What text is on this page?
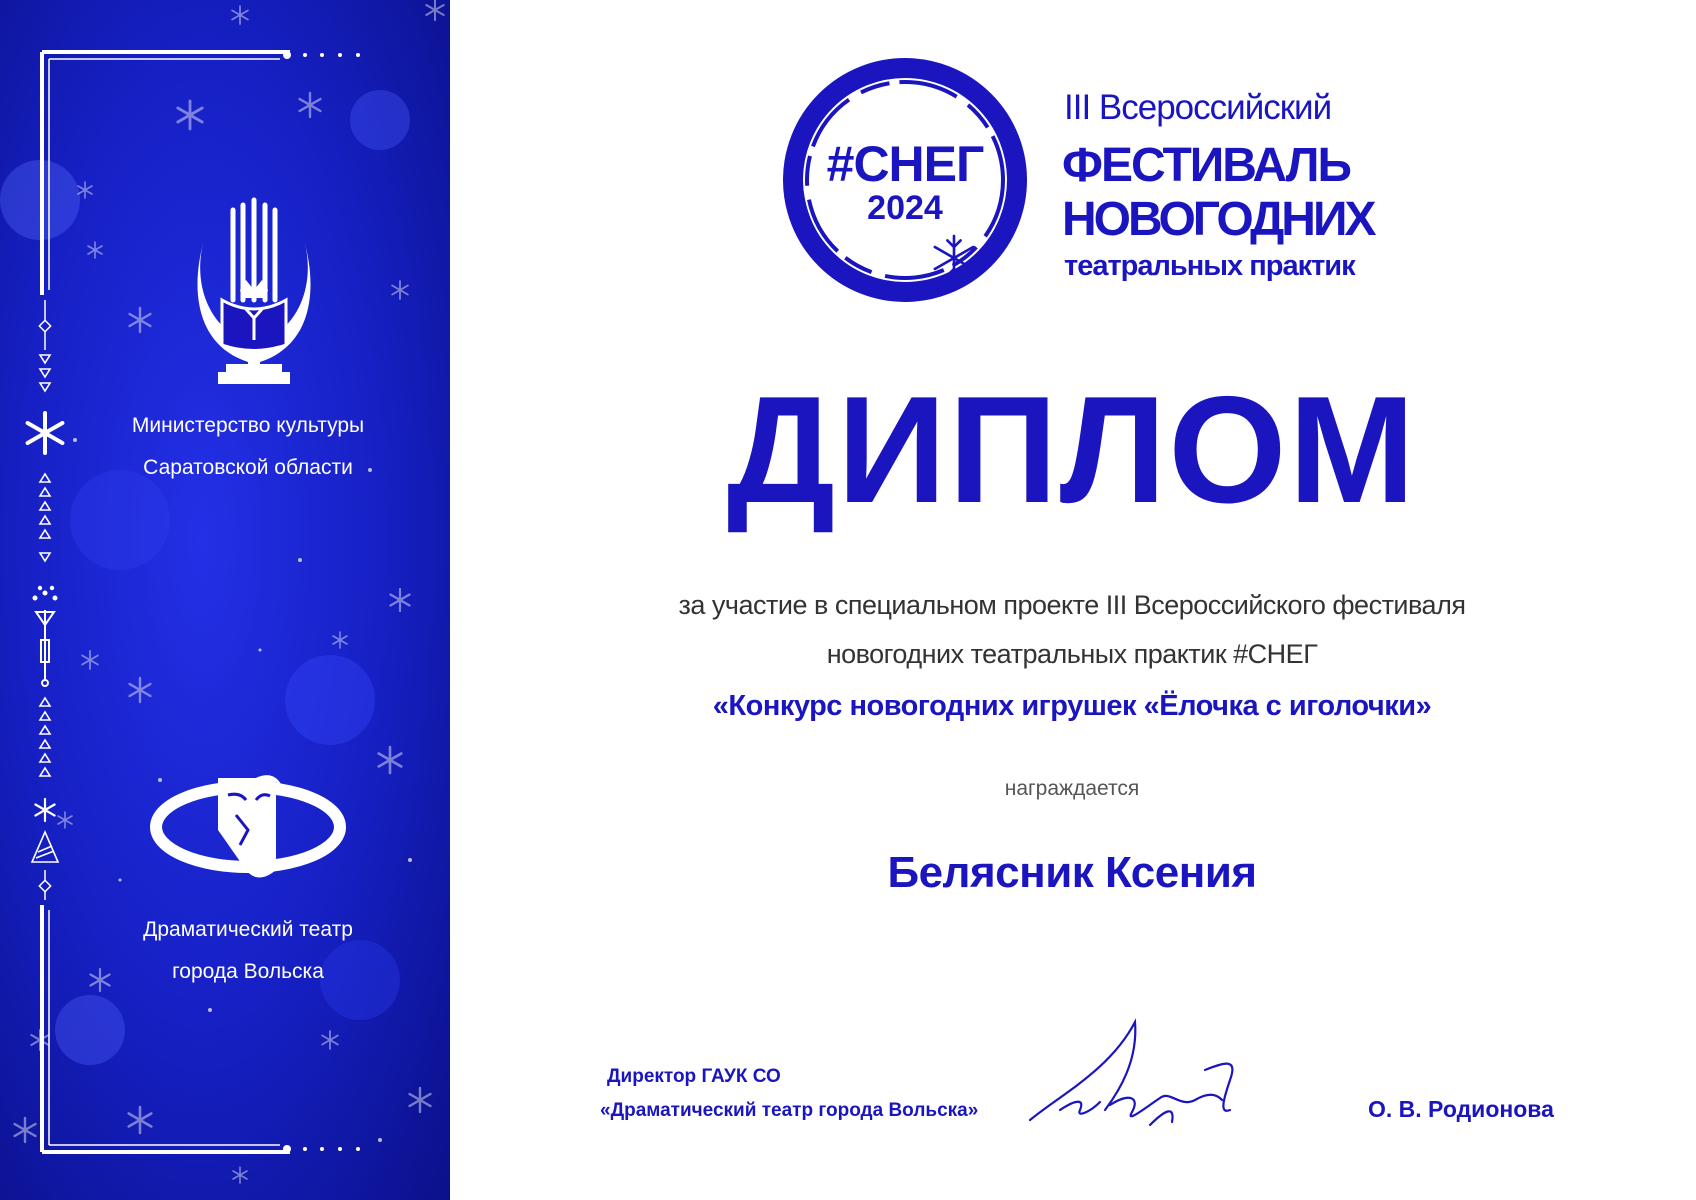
Министерство культуры
Саратовской области
Драматический театр
города Вольска
#СНЕГ
2024
III Всероссийский
ФЕСТИВАЛЬ
НОВОГОДНИХ
театральных практик
ДИПЛОМ
за участие в специальном проекте III Всероссийского фестиваля
новогодних театральных практик #СНЕГ
«Конкурс новогодних игрушек «Ёлочка с иголочки»
награждается
Белясник Ксения
Директор ГАУК СО
«Драматический театр города Вольска»	О. В. Родионова
